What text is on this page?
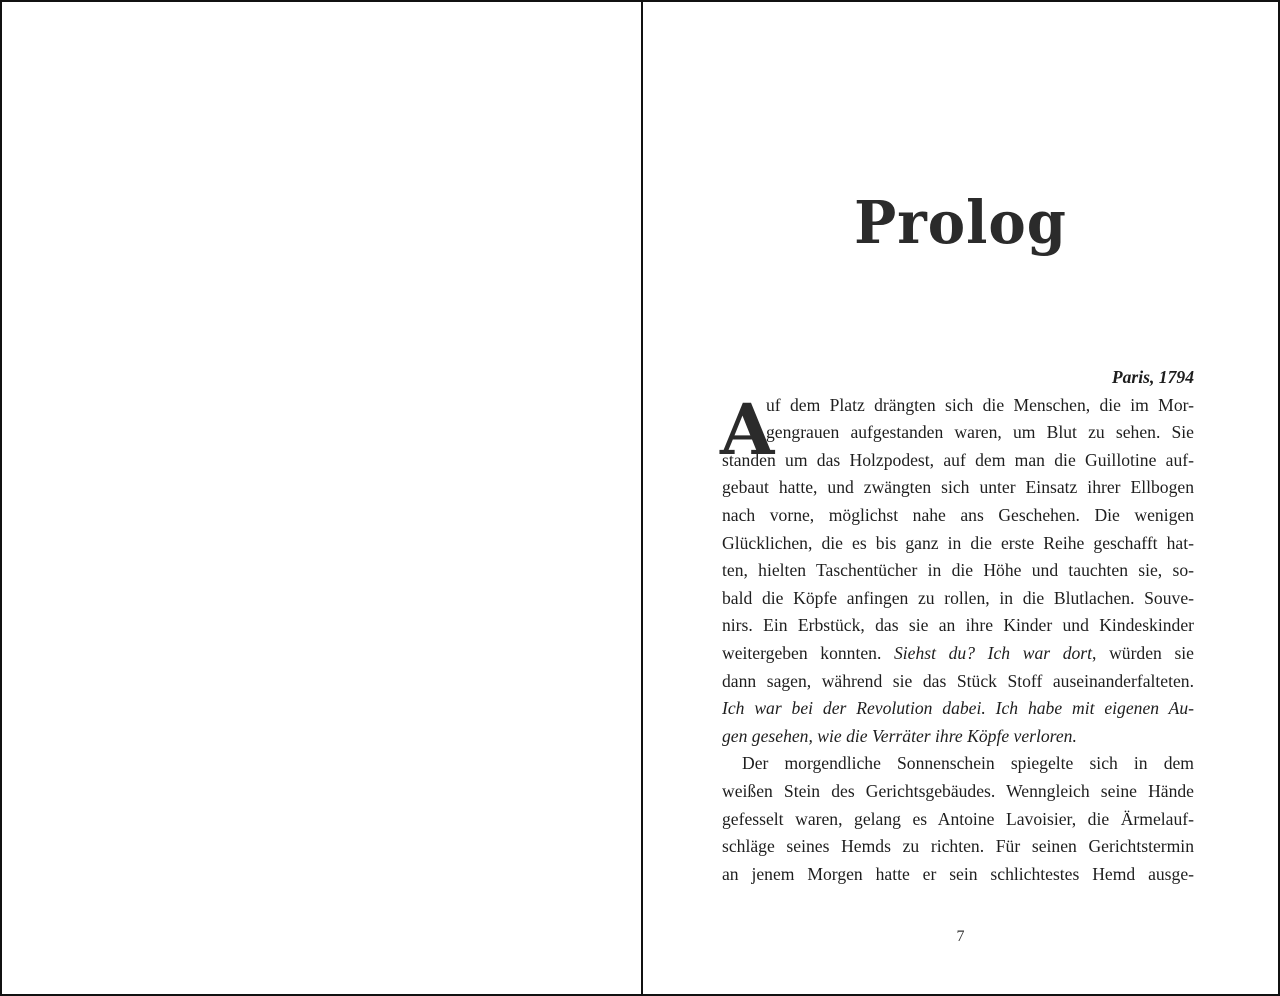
Prolog
Paris, 1794
A
uf dem Platz drängten sich die Menschen, die im Mor-
gengrauen aufgestanden waren, um Blut zu sehen. Sie
standen um das Holzpodest, auf dem man die Guillotine auf-
gebaut hatte, und zwängten sich unter Einsatz ihrer Ellbogen
nach vorne, möglichst nahe ans Geschehen. Die wenigen
Glücklichen, die es bis ganz in die erste Reihe geschafft hat-
ten, hielten Taschentücher in die Höhe und tauchten sie, so-
bald die Köpfe anfingen zu rollen, in die Blutlachen. Souve-
nirs. Ein Erbstück, das sie an ihre Kinder und Kindeskinder
weitergeben konnten. Siehst du? Ich war dort, würden sie
dann sagen, während sie das Stück Stoff auseinanderfalteten.
Ich war bei der Revolution dabei. Ich habe mit eigenen Au-
gen gesehen, wie die Verräter ihre Köpfe verloren.
Der morgendliche Sonnenschein spiegelte sich in dem
weißen Stein des Gerichtsgebäudes. Wenngleich seine Hände
gefesselt waren, gelang es Antoine Lavoisier, die Ärmelauf-
schläge seines Hemds zu richten. Für seinen Gerichtstermin
an jenem Morgen hatte er sein schlichtestes Hemd ausge-
7
